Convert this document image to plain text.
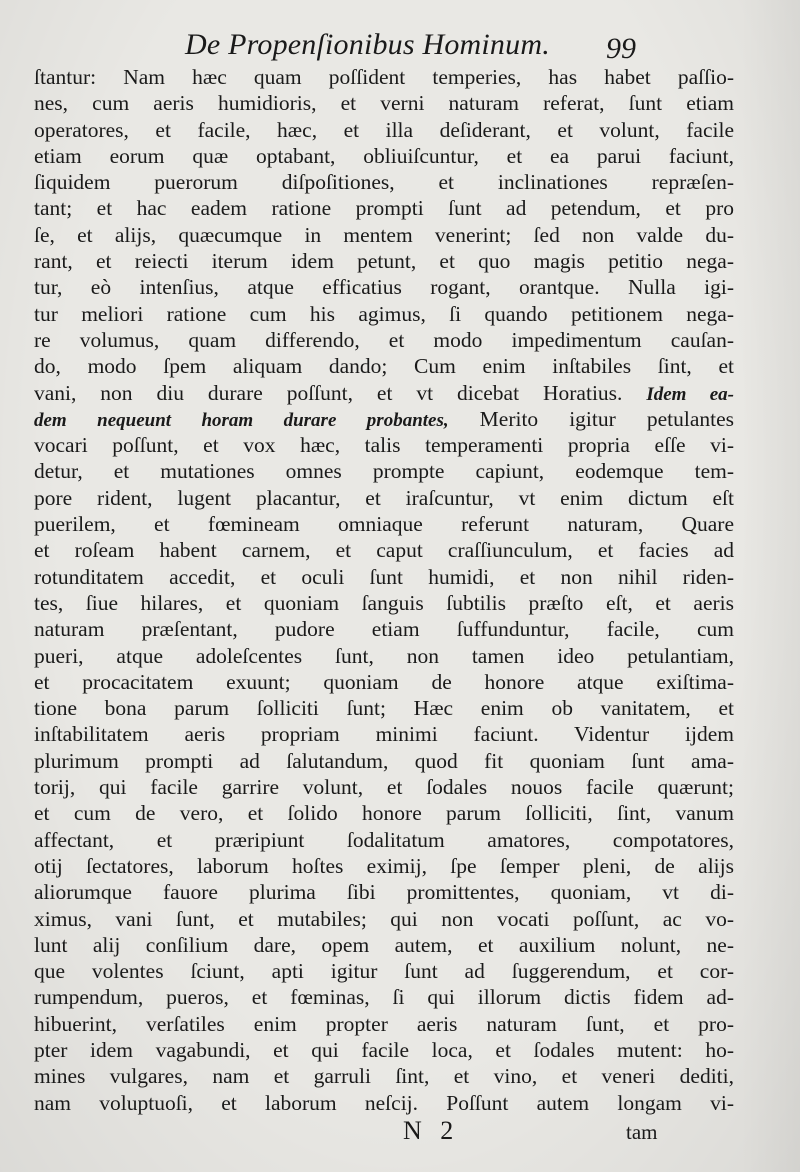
De Propenſionibus Hominum. 99
ſtantur: Nam hæc quam poſſident temperies, has habet paſſio-
nes, cum aeris humidioris, et verni naturam referat, ſunt etiam
operatores, et facile, hæc, et illa deſiderant, et volunt, facile
etiam eorum quæ optabant, obliuiſcuntur, et ea parui faciunt,
ſiquidem puerorum diſpoſitiones, et inclinationes repræſen-
tant; et hac eadem ratione prompti ſunt ad petendum, et pro
ſe, et alijs, quæcumque in mentem venerint; ſed non valde du-
rant, et reiecti iterum idem petunt, et quo magis petitio nega-
tur, eò intenſius, atque efficatius rogant, orantque. Nulla igi-
tur meliori ratione cum his agimus, ſi quando petitionem nega-
re volumus, quam differendo, et modo impedimentum cauſan-
do, modo ſpem aliquam dando; Cum enim inſtabiles ſint, et
vani, non diu durare poſſunt, et vt dicebat Horatius. Idem ea-
dem nequeunt horam durare probantes, Merito igitur petulantes
vocari poſſunt, et vox hæc, talis temperamenti propria eſſe vi-
detur, et mutationes omnes prompte capiunt, eodemque tem-
pore rident, lugent placantur, et iraſcuntur, vt enim dictum eſt
puerilem, et fœmineam omniaque referunt naturam, Quare
et roſeam habent carnem, et caput craſſiunculum, et facies ad
rotunditatem accedit, et oculi ſunt humidi, et non nihil riden-
tes, ſiue hilares, et quoniam ſanguis ſubtilis præſto eſt, et aeris
naturam præſentant, pudore etiam ſuffunduntur, facile, cum
pueri, atque adoleſcentes ſunt, non tamen ideo petulantiam,
et procacitatem exuunt; quoniam de honore atque exiſtima-
tione bona parum ſolliciti ſunt; Hæc enim ob vanitatem, et
inſtabilitatem aeris propriam minimi faciunt. Videntur ijdem
plurimum prompti ad ſalutandum, quod fit quoniam ſunt ama-
torij, qui facile garrire volunt, et ſodales nouos facile quærunt;
et cum de vero, et ſolido honore parum ſolliciti, ſint, vanum
affectant, et præripiunt ſodalitatum amatores, compotatores,
otij ſectatores, laborum hoſtes eximij, ſpe ſemper pleni, de alijs
aliorumque fauore plurima ſibi promittentes, quoniam, vt di-
ximus, vani ſunt, et mutabiles; qui non vocati poſſunt, ac vo-
lunt alij conſilium dare, opem autem, et auxilium nolunt, ne-
que volentes ſciunt, apti igitur ſunt ad ſuggerendum, et cor-
rumpendum, pueros, et fœminas, ſi qui illorum dictis fidem ad-
hibuerint, verſatiles enim propter aeris naturam ſunt, et pro-
pter idem vagabundi, et qui facile loca, et ſodales mutent: ho-
mines vulgares, nam et garruli ſint, et vino, et veneri dediti,
nam voluptuoſi, et laborum neſcij. Poſſunt autem longam vi-
N 2	tam
